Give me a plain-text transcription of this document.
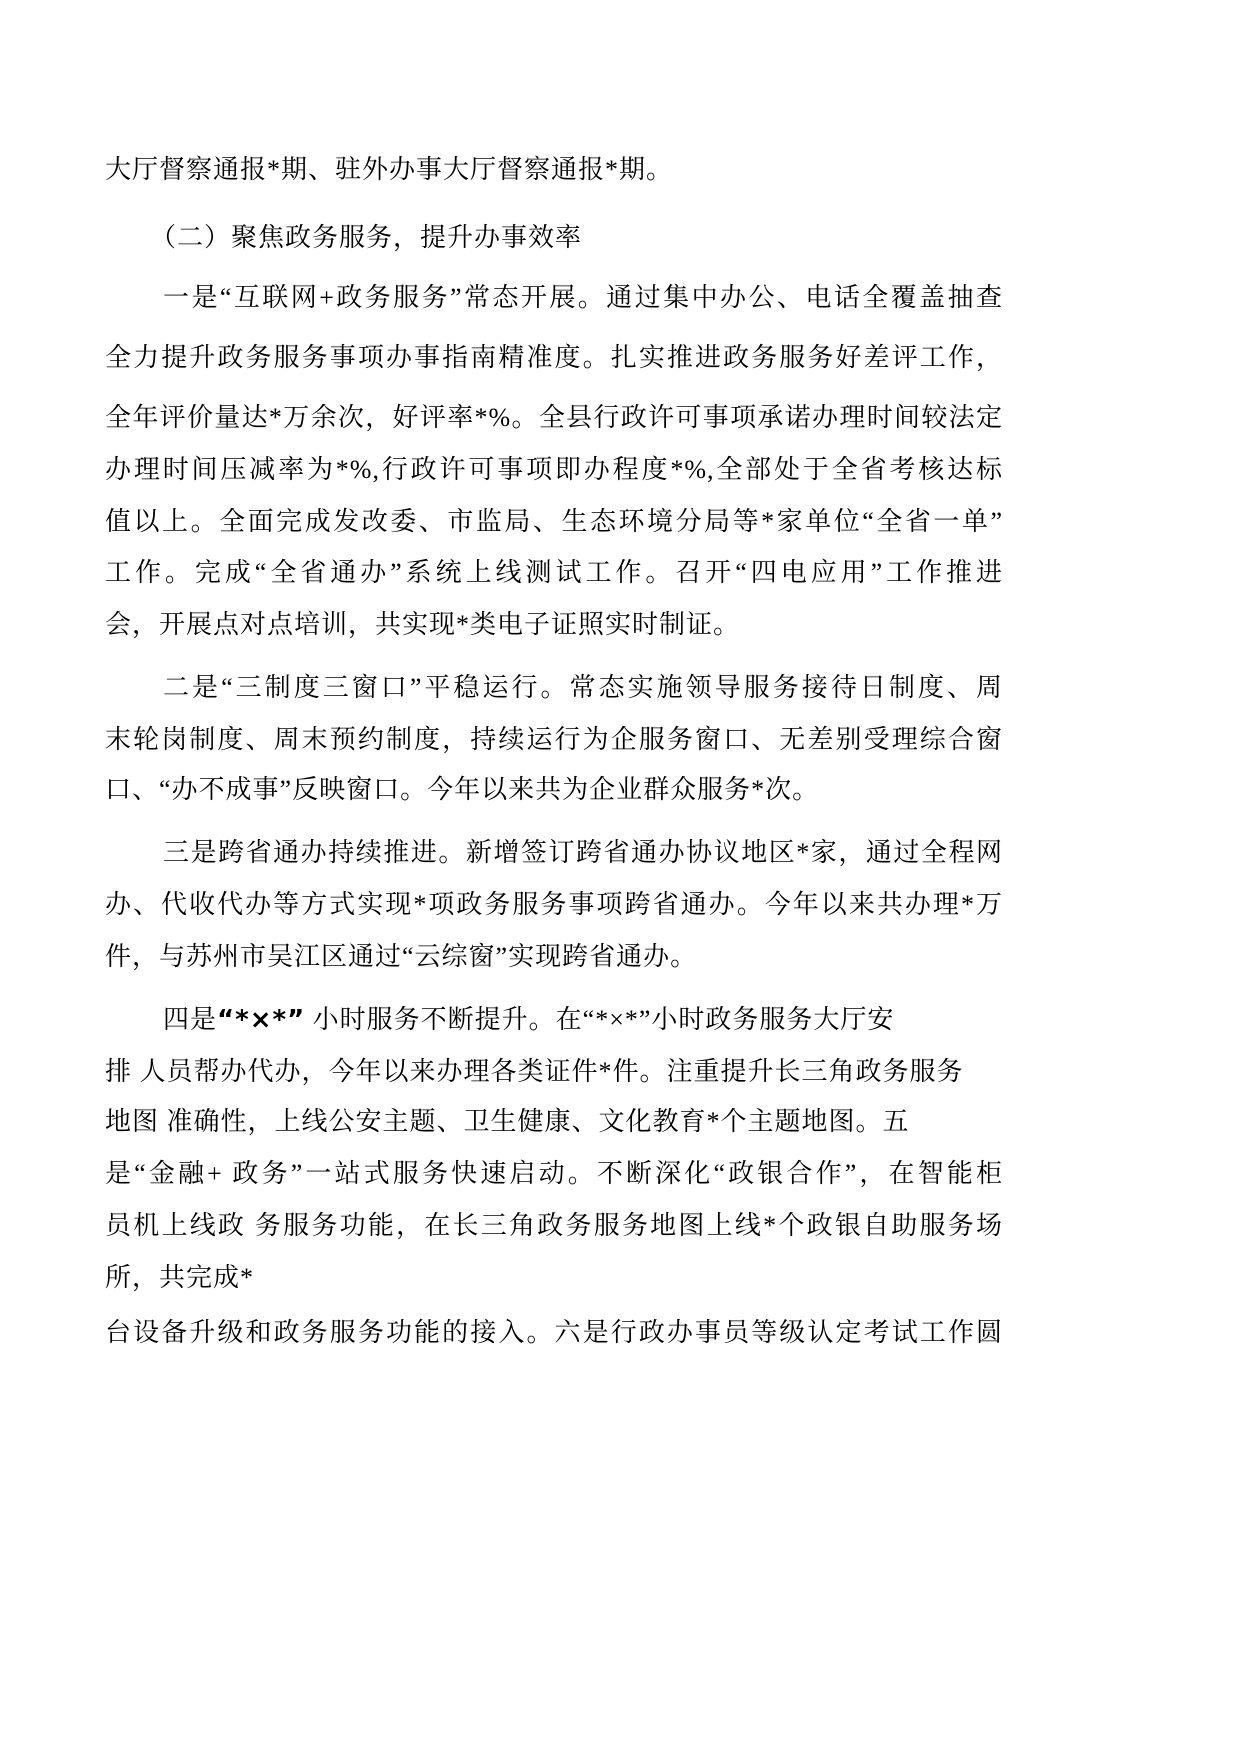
大厅督察通报*期、驻外办事大厅督察通报*期。
（二）聚焦政务服务，提升办事效率
一是“互联网+政务服务”常态开展。通过集中办公、电话全覆盖抽查
全力提升政务服务事项办事指南精准度。扎实推进政务服务好差评工作，
全年评价量达*万余次，好评率*%。全县行政许可事项承诺办理时间较法定
办理时间压减率为*%,行政许可事项即办程度*%,全部处于全省考核达标
值以上。全面完成发改委、市监局、生态环境分局等*家单位“全省一单”
工作。完成“全省通办”系统上线测试工作。召开“四电应用”工作推进
会，开展点对点培训，共实现*类电子证照实时制证。
二是“三制度三窗口”平稳运行。常态实施领导服务接待日制度、周
末轮岗制度、周末预约制度，持续运行为企服务窗口、无差别受理综合窗
口、“办不成事”反映窗口。今年以来共为企业群众服务*次。
三是跨省通办持续推进。新增签订跨省通办协议地区*家，通过全程网
办、代收代办等方式实现*项政务服务事项跨省通办。今年以来共办理*万
件，与苏州市吴江区通过“云综窗”实现跨省通办。
四是“*×*” 小时服务不断提升。在“*×*”小时政务服务大厅安
排 人员帮办代办，今年以来办理各类证件*件。注重提升长三角政务服务
地图 准确性，上线公安主题、卫生健康、文化教育*个主题地图。五
是“金融+ 政务”一站式服务快速启动。不断深化“政银合作”，在智能柜
员机上线政 务服务功能，在长三角政务服务地图上线*个政银自助服务场
所，共完成*
台设备升级和政务服务功能的接入。六是行政办事员等级认定考试工作圆
